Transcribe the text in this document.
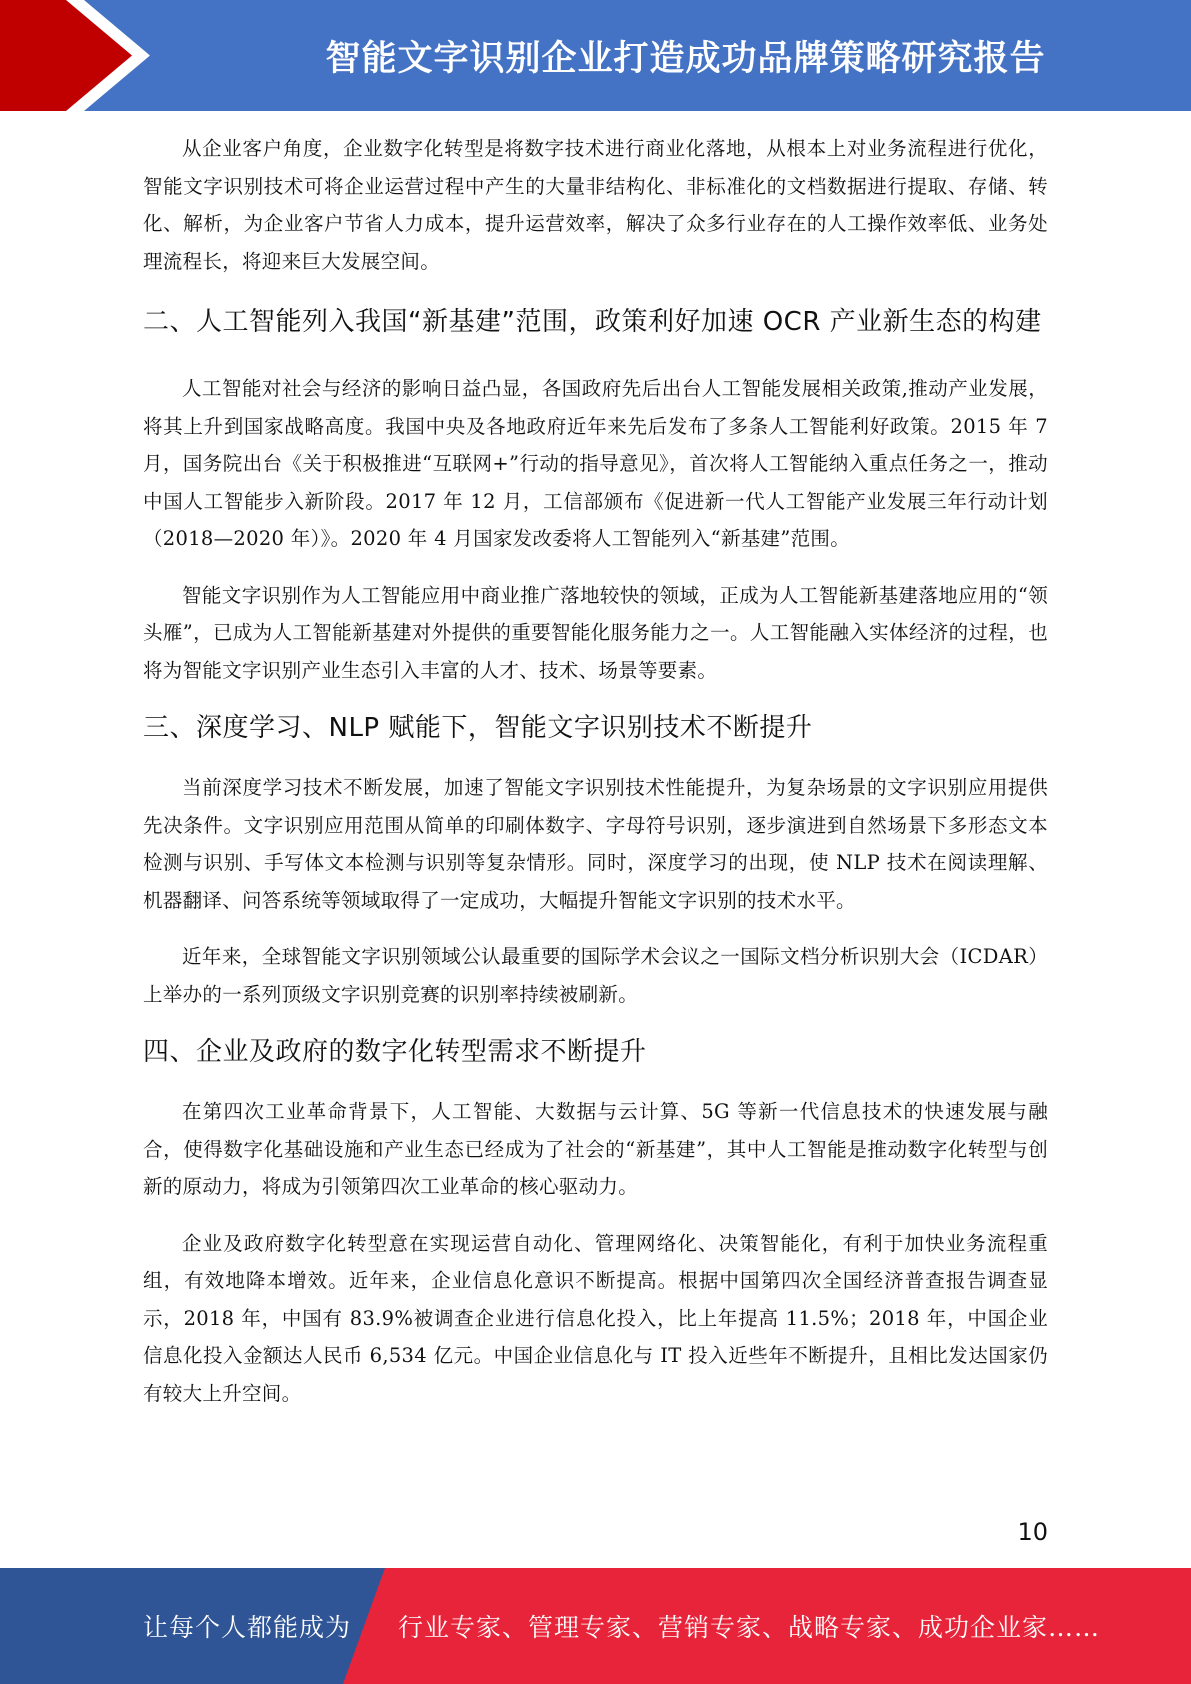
智能文字识别企业打造成功品牌策略研究报告

从企业客户角度，企业数字化转型是将数字技术进行商业化落地，从根本上对业务流程进行优化，智能文字识别技术可将企业运营过程中产生的大量非结构化、非标准化的文档数据进行提取、存储、转化、解析，为企业客户节省人力成本，提升运营效率，解决了众多行业存在的人工操作效率低、业务处理流程长，将迎来巨大发展空间。

二、人工智能列入我国“新基建”范围，政策利好加速 OCR 产业新生态的构建

人工智能对社会与经济的影响日益凸显，各国政府先后出台人工智能发展相关政策,推动产业发展，将其上升到国家战略高度。我国中央及各地政府近年来先后发布了多条人工智能利好政策。2015 年 7 月，国务院出台《关于积极推进“互联网+”行动的指导意见》，首次将人工智能纳入重点任务之一，推动中国人工智能步入新阶段。2017 年 12 月，工信部颁布《促进新一代人工智能产业发展三年行动计划（2018—2020 年）》。2020 年 4 月国家发改委将人工智能列入“新基建”范围。

智能文字识别作为人工智能应用中商业推广落地较快的领域，正成为人工智能新基建落地应用的“领头雁”，已成为人工智能新基建对外提供的重要智能化服务能力之一。人工智能融入实体经济的过程，也将为智能文字识别产业生态引入丰富的人才、技术、场景等要素。

三、深度学习、NLP 赋能下，智能文字识别技术不断提升

当前深度学习技术不断发展，加速了智能文字识别技术性能提升，为复杂场景的文字识别应用提供先决条件。文字识别应用范围从简单的印刷体数字、字母符号识别，逐步演进到自然场景下多形态文本检测与识别、手写体文本检测与识别等复杂情形。同时，深度学习的出现，使 NLP 技术在阅读理解、机器翻译、问答系统等领域取得了一定成功，大幅提升智能文字识别的技术水平。

近年来，全球智能文字识别领域公认最重要的国际学术会议之一国际文档分析识别大会（ICDAR）上举办的一系列顶级文字识别竞赛的识别率持续被刷新。

四、企业及政府的数字化转型需求不断提升

在第四次工业革命背景下，人工智能、大数据与云计算、5G 等新一代信息技术的快速发展与融合，使得数字化基础设施和产业生态已经成为了社会的“新基建”，其中人工智能是推动数字化转型与创新的原动力，将成为引领第四次工业革命的核心驱动力。

企业及政府数字化转型意在实现运营自动化、管理网络化、决策智能化，有利于加快业务流程重组，有效地降本增效。近年来，企业信息化意识不断提高。根据中国第四次全国经济普查报告调查显示，2018 年，中国有 83.9%被调查企业进行信息化投入，比上年提高 11.5%；2018 年，中国企业信息化投入金额达人民币 6,534 亿元。中国企业信息化与 IT 投入近些年不断提升，且相比发达国家仍有较大上升空间。

10
让每个人都能成为 行业专家、管理专家、营销专家、战略专家、成功企业家……
